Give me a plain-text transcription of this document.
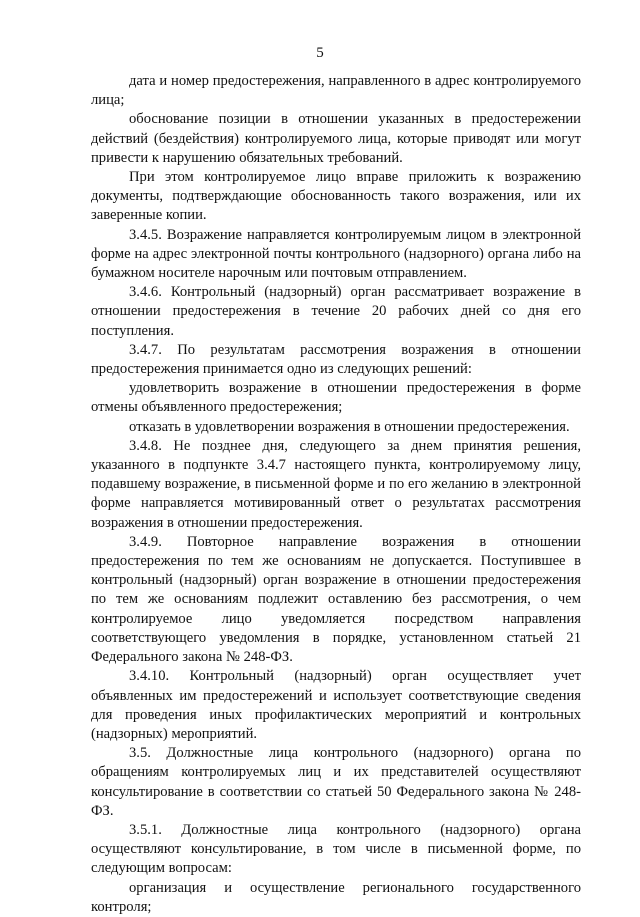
5

дата и номер предостережения, направленного в адрес контролируемого лица;

обоснование позиции в отношении указанных в предостережении действий (бездействия) контролируемого лица, которые приводят или могут привести к нарушению обязательных требований.

При этом контролируемое лицо вправе приложить к возражению документы, подтверждающие обоснованность такого возражения, или их заверенные копии.

3.4.5. Возражение направляется контролируемым лицом в электронной форме на адрес электронной почты контрольного (надзорного) органа либо на бумажном носителе нарочным или почтовым отправлением.

3.4.6. Контрольный (надзорный) орган рассматривает возражение в отношении предостережения в течение 20 рабочих дней со дня его поступления.

3.4.7. По результатам рассмотрения возражения в отношении предостережения принимается одно из следующих решений:

удовлетворить возражение в отношении предостережения в форме отмены объявленного предостережения;

отказать в удовлетворении возражения в отношении предостережения.

3.4.8. Не позднее дня, следующего за днем принятия решения, указанного в подпункте 3.4.7 настоящего пункта, контролируемому лицу, подавшему возражение, в письменной форме и по его желанию в электронной форме направляется мотивированный ответ о результатах рассмотрения возражения в отношении предостережения.

3.4.9. Повторное направление возражения в отношении предостережения по тем же основаниям не допускается. Поступившее в контрольный (надзорный) орган возражение в отношении предостережения по тем же основаниям подлежит оставлению без рассмотрения, о чем контролируемое лицо уведомляется посредством направления соответствующего уведомления в порядке, установленном статьей 21 Федерального закона № 248-ФЗ.

3.4.10. Контрольный (надзорный) орган осуществляет учет объявленных им предостережений и использует соответствующие сведения для проведения иных профилактических мероприятий и контрольных (надзорных) мероприятий.

3.5. Должностные лица контрольного (надзорного) органа по обращениям контролируемых лиц и их представителей осуществляют консультирование в соответствии со статьей 50 Федерального закона № 248-ФЗ.

3.5.1. Должностные лица контрольного (надзорного) органа осуществляют консультирование, в том числе в письменной форме, по следующим вопросам:

организация и осуществление регионального государственного контроля;
